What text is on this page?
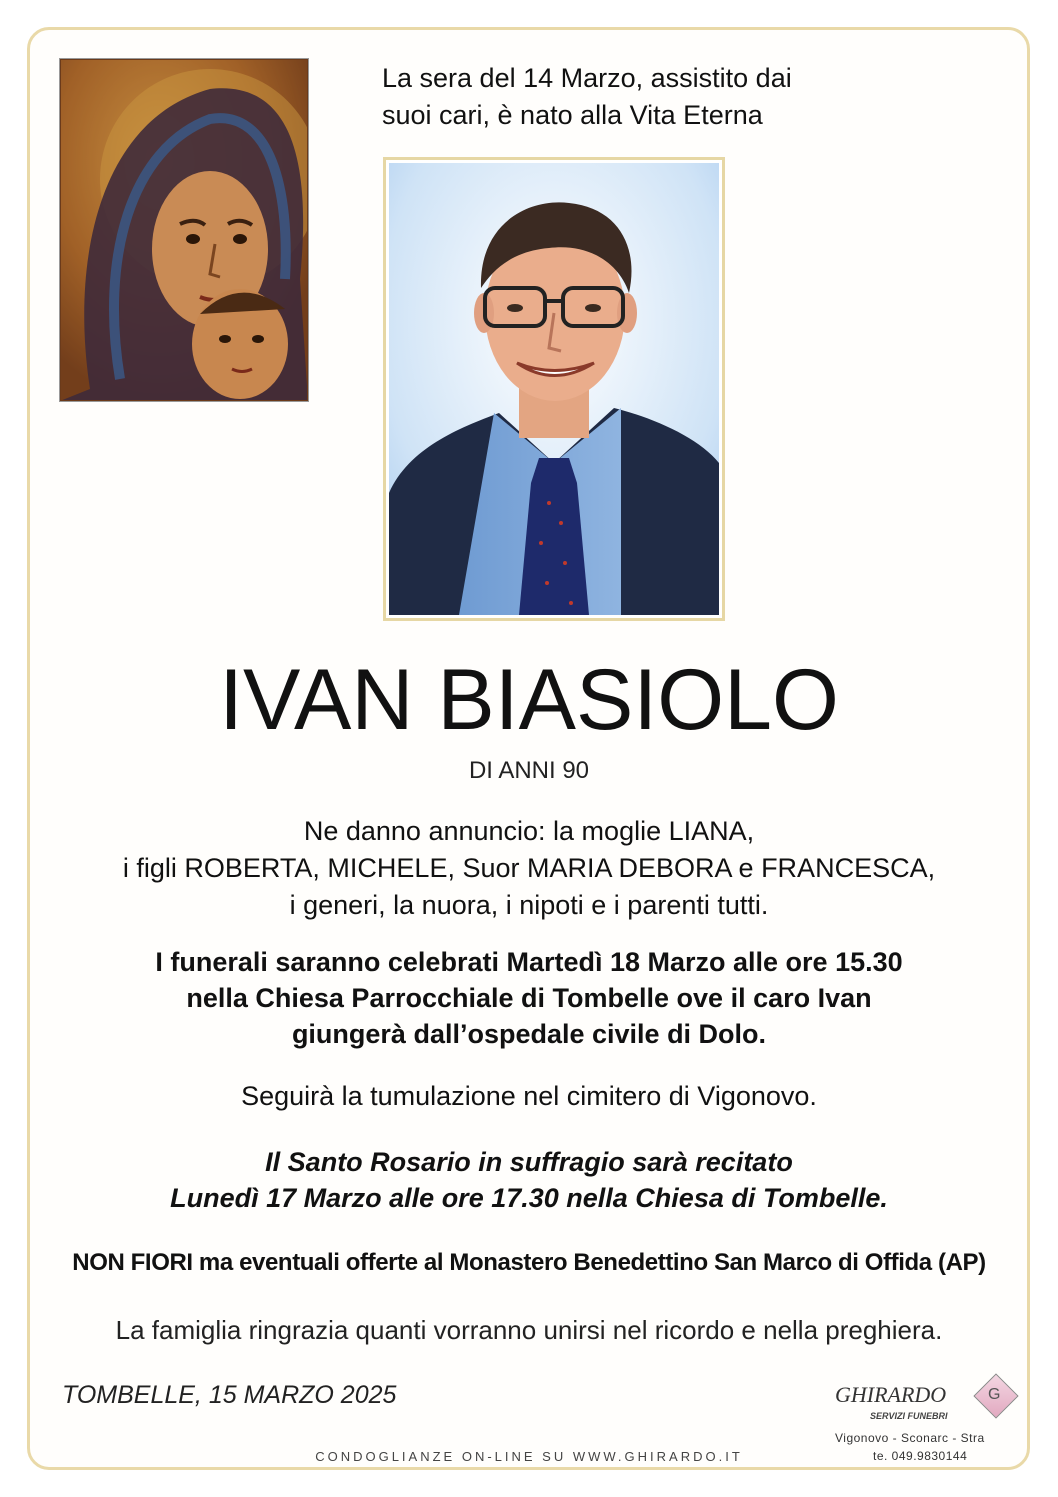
La sera del 14 Marzo, assistito dai
suoi cari, è nato alla Vita Eterna
IVAN BIASIOLO
DI ANNI 90
Ne danno annuncio: la moglie LIANA,
i figli ROBERTA, MICHELE, Suor MARIA DEBORA e FRANCESCA,
i generi, la nuora, i nipoti e i parenti tutti.
I funerali saranno celebrati Martedì 18 Marzo alle ore 15.30
nella Chiesa Parrocchiale di Tombelle ove il caro Ivan
giungerà dall’ospedale civile di Dolo.
Seguirà la tumulazione nel cimitero di Vigonovo.
Il Santo Rosario in suffragio sarà recitato
Lunedì 17 Marzo alle ore 17.30 nella Chiesa di Tombelle.
NON FIORI ma eventuali offerte al Monastero Benedettino San Marco di Offida (AP)
La famiglia ringrazia quanti vorranno unirsi nel ricordo e nella preghiera.
TOMBELLE, 15 MARZO 2025
CONDOGLIANZE ON-LINE SU WWW.GHIRARDO.IT
GHIRARDO
SERVIZI FUNEBRI
G
Vigonovo - Sconarc - Stra
te. 049.9830144
